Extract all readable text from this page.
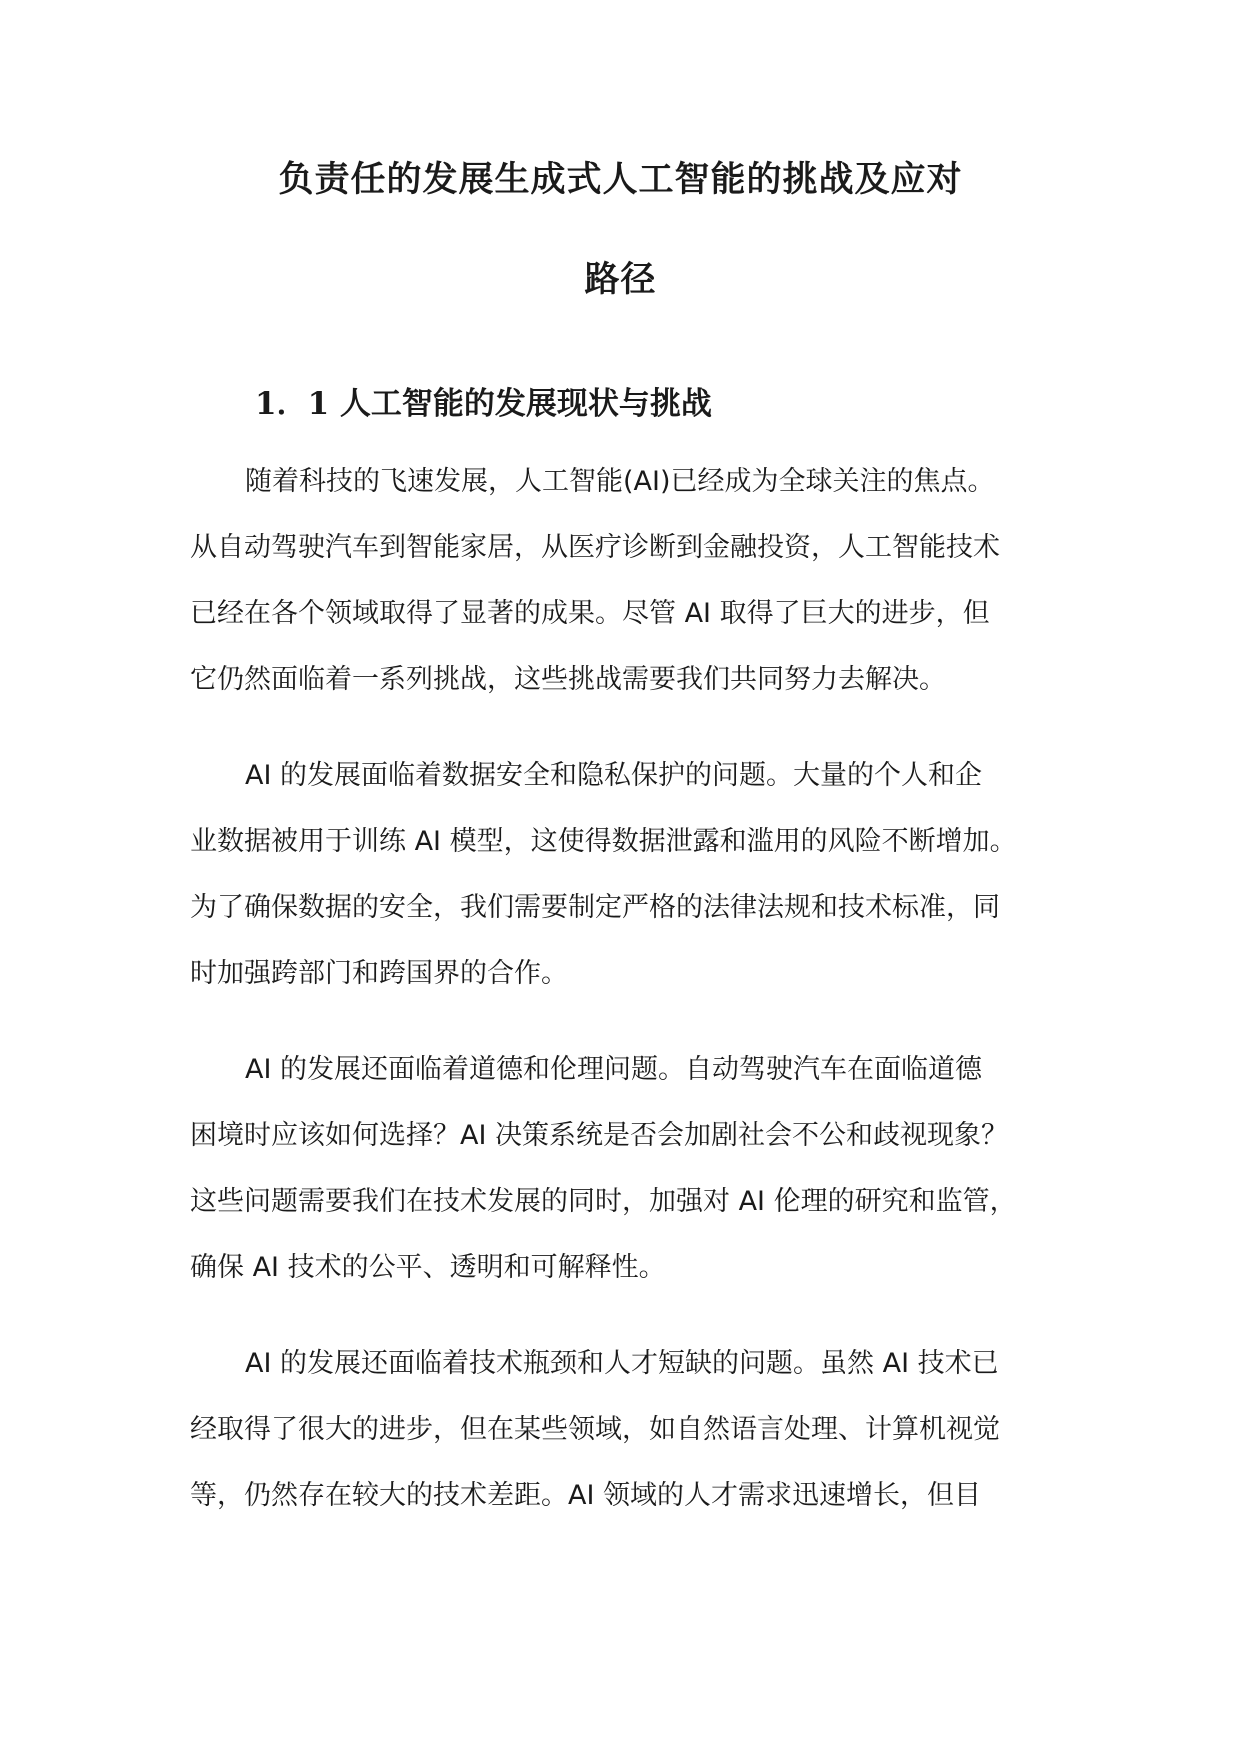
负责任的发展生成式人工智能的挑战及应对
路径
1．1 人工智能的发展现状与挑战
随着科技的飞速发展，人工智能(AI)已经成为全球关注的焦点。
从自动驾驶汽车到智能家居，从医疗诊断到金融投资，人工智能技术
已经在各个领域取得了显著的成果。尽管 AI 取得了巨大的进步，但
它仍然面临着一系列挑战，这些挑战需要我们共同努力去解决。
AI 的发展面临着数据安全和隐私保护的问题。大量的个人和企
业数据被用于训练 AI 模型，这使得数据泄露和滥用的风险不断增加。
为了确保数据的安全，我们需要制定严格的法律法规和技术标准，同
时加强跨部门和跨国界的合作。
AI 的发展还面临着道德和伦理问题。自动驾驶汽车在面临道德
困境时应该如何选择？AI 决策系统是否会加剧社会不公和歧视现象？
这些问题需要我们在技术发展的同时，加强对 AI 伦理的研究和监管，
确保 AI 技术的公平、透明和可解释性。
AI 的发展还面临着技术瓶颈和人才短缺的问题。虽然 AI 技术已
经取得了很大的进步，但在某些领域，如自然语言处理、计算机视觉
等，仍然存在较大的技术差距。AI 领域的人才需求迅速增长，但目
